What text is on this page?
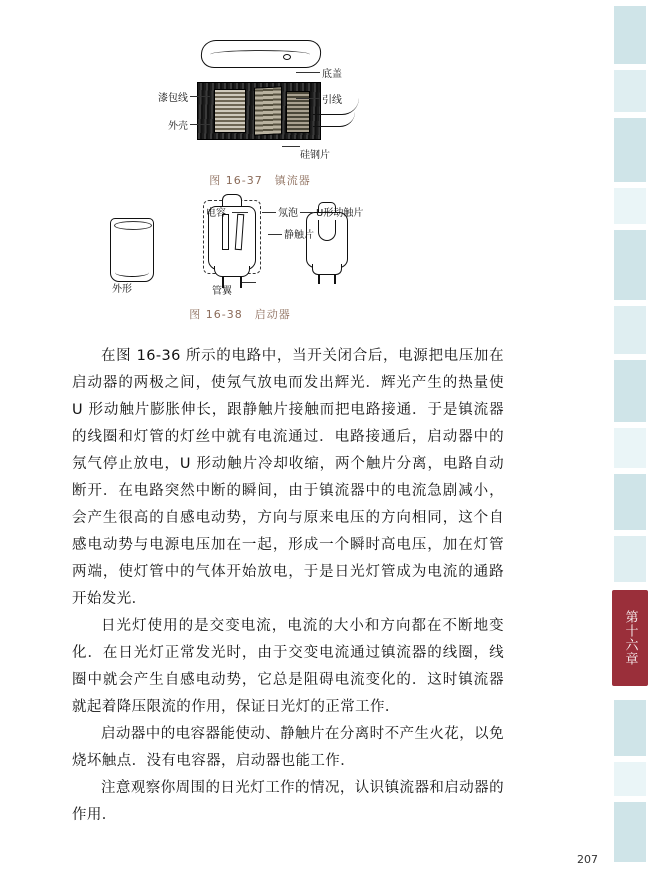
第十六章
底盖
引线
漆包线
外壳
硅钢片
图 16-37 镇流器
电容	氖泡 U形动触片
静触片
外形	管翼
图 16-38 启动器

在图 16-36 所示的电路中，当开关闭合后，电源把电压加在启动器的两极之间，使氖气放电而发出辉光．辉光产生的热量使 U 形动触片膨胀伸长，跟静触片接触而把电路接通．于是镇流器的线圈和灯管的灯丝中就有电流通过．电路接通后，启动器中的氖气停止放电，U 形动触片冷却收缩，两个触片分离，电路自动断开．在电路突然中断的瞬间，由于镇流器中的电流急剧减小，会产生很高的自感电动势，方向与原来电压的方向相同，这个自感电动势与电源电压加在一起，形成一个瞬时高电压，加在灯管两端，使灯管中的气体开始放电，于是日光灯管成为电流的通路开始发光．

日光灯使用的是交变电流，电流的大小和方向都在不断地变化．在日光灯正常发光时，由于交变电流通过镇流器的线圈，线圈中就会产生自感电动势，它总是阻碍电流变化的．这时镇流器就起着降压限流的作用，保证日光灯的正常工作．

启动器中的电容器能使动、静触片在分离时不产生火花，以免烧坏触点．没有电容器，启动器也能工作．

注意观察你周围的日光灯工作的情况，认识镇流器和启动器的作用．

207
